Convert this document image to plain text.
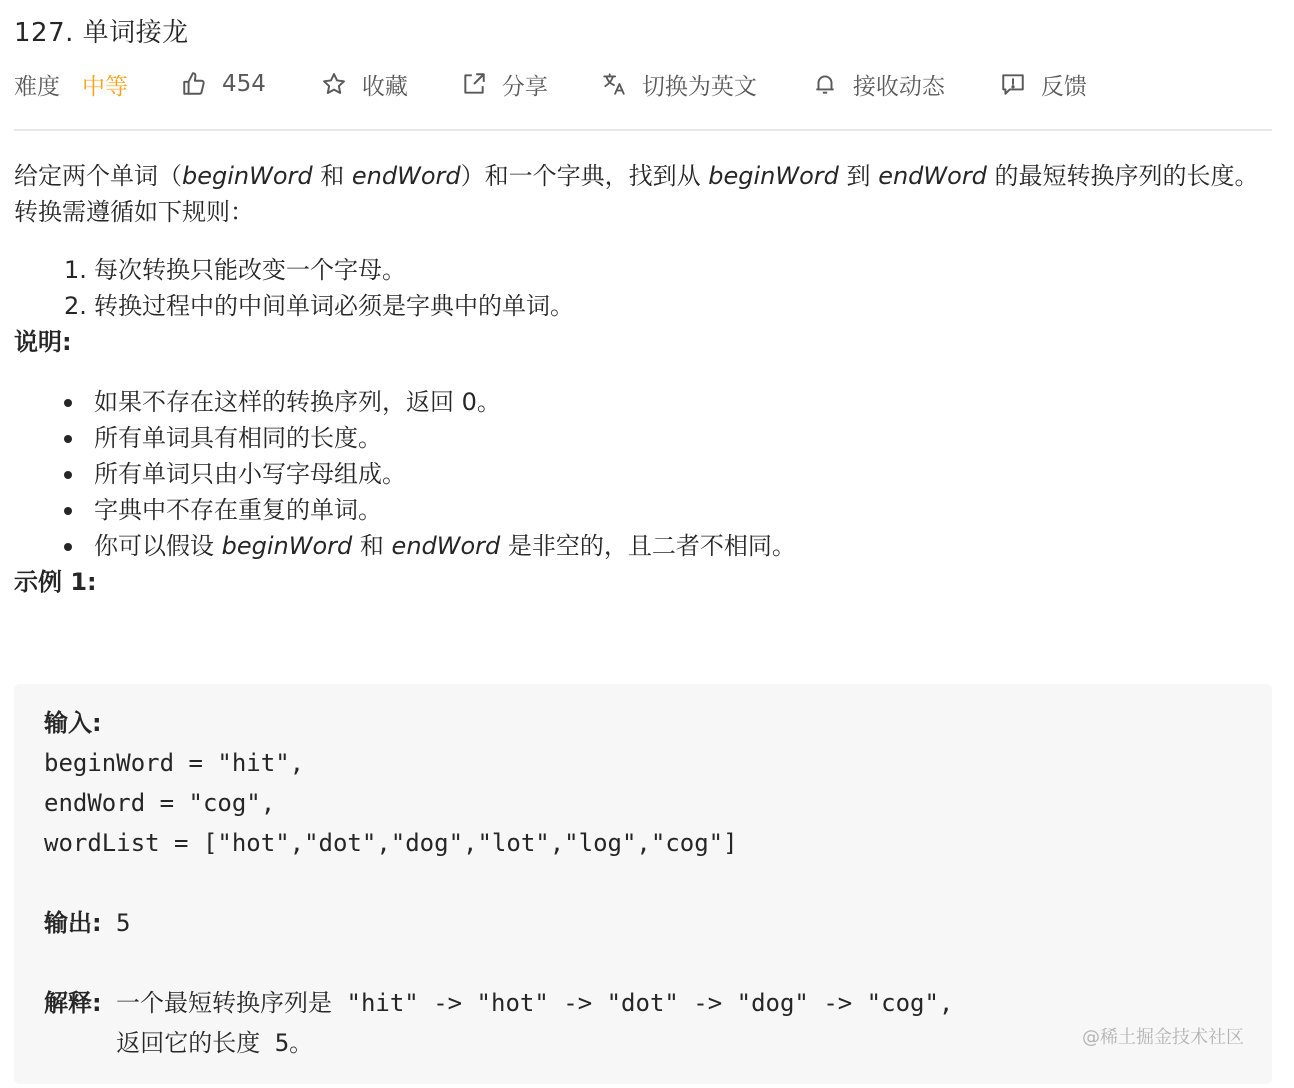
127. 单词接龙
难度 中等	454	收藏	分享	切换为英文	接收动态	反馈

给定两个单词（beginWord 和 endWord）和一个字典，找到从 beginWord 到 endWord 的最短转换序列的长度。转换需遵循如下规则：

1. 每次转换只能改变一个字母。
2. 转换过程中的中间单词必须是字典中的单词。

说明:

如果不存在这样的转换序列，返回 0。
所有单词具有相同的长度。
所有单词只由小写字母组成。
字典中不存在重复的单词。
你可以假设 beginWord 和 endWord 是非空的，且二者不相同。

示例 1:

输入:
beginWord = "hit",
endWord = "cog",
wordList = ["hot","dot","dog","lot","log","cog"]

输出: 5

解释: 一个最短转换序列是 "hit" -> "hot" -> "dot" -> "dog" -> "cog",
返回它的长度 5。	@稀土掘金技术社区
